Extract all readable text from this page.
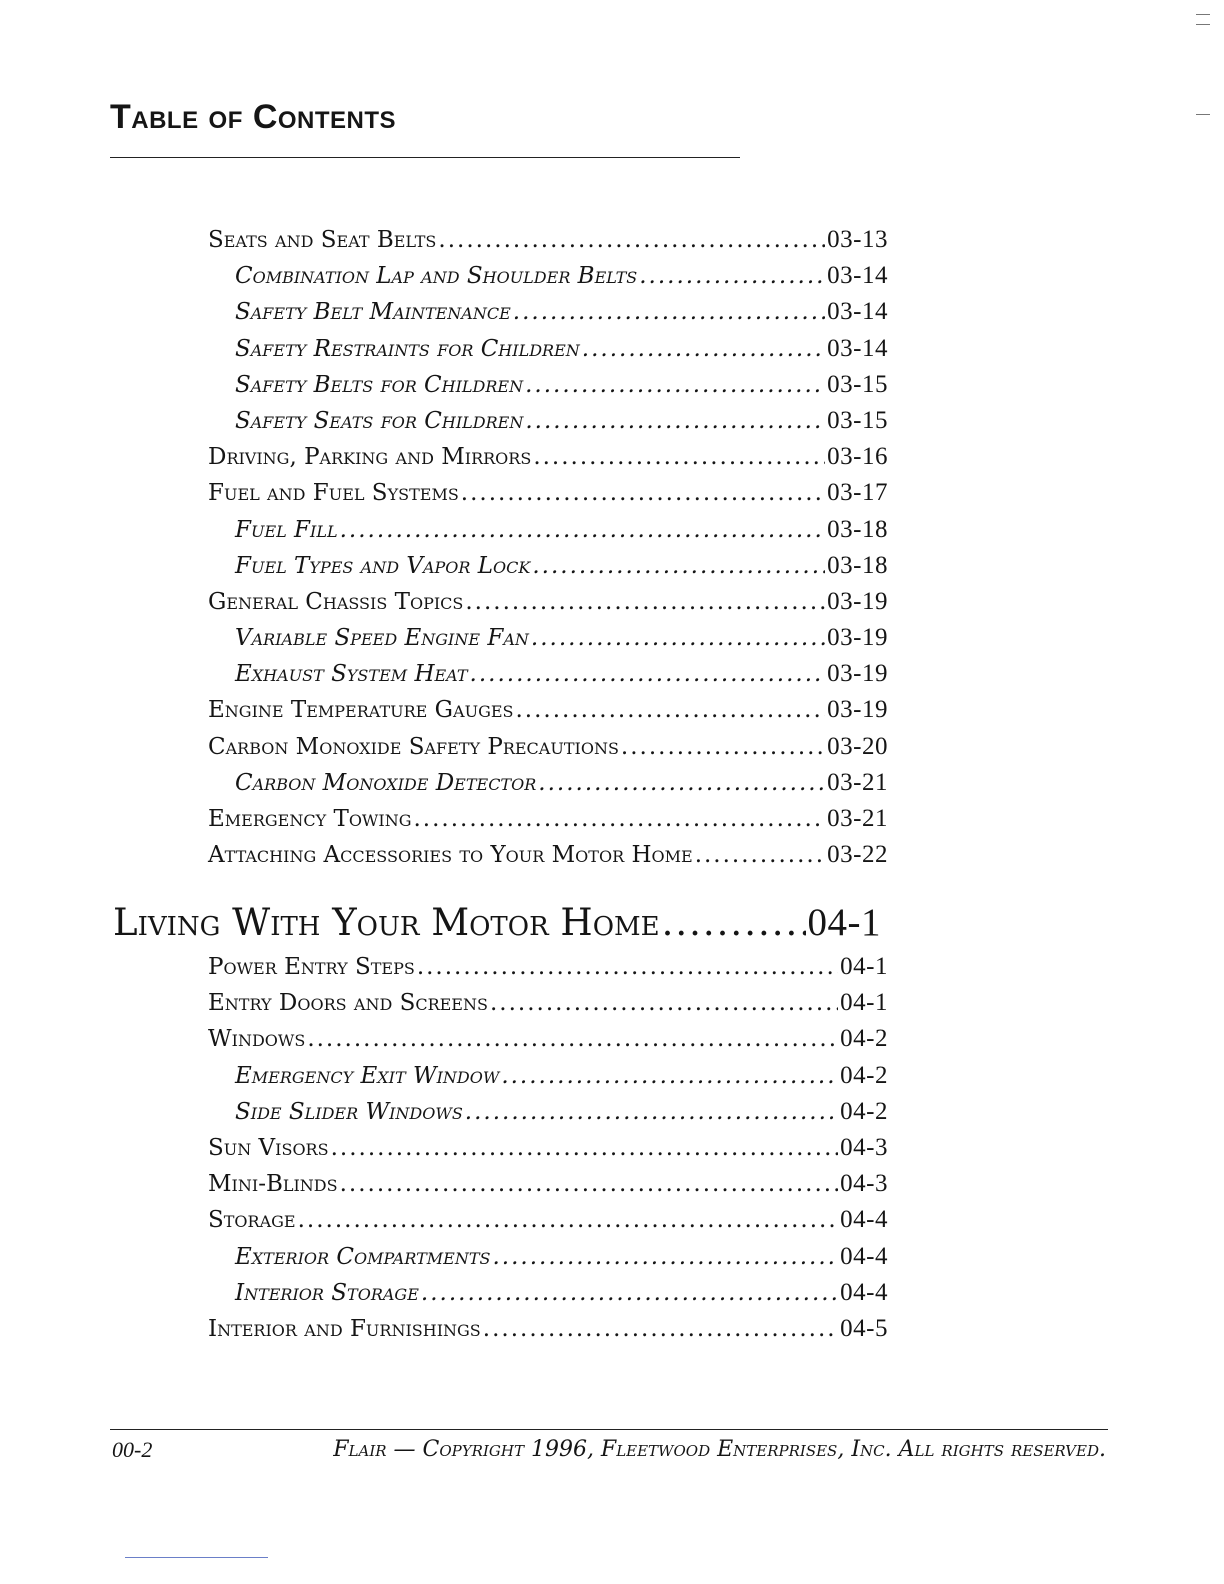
Table of Contents
Seats and Seat Belts .....	03-13
Combination Lap and Shoulder Belts .....	03-14
Safety Belt Maintenance .....	03-14
Safety Restraints for Children .....	03-14
Safety Belts for Children .....	03-15
Safety Seats for Children .....	03-15
Driving, Parking and Mirrors .....	03-16
Fuel and Fuel Systems .....	03-17
Fuel Fill .....	03-18
Fuel Types and Vapor Lock .....	03-18
General Chassis Topics .....	03-19
Variable Speed Engine Fan .....	03-19
Exhaust System Heat .....	03-19
Engine Temperature Gauges .....	03-19
Carbon Monoxide Safety Precautions .....	03-20
Carbon Monoxide Detector .....	03-21
Emergency Towing .....	03-21
Attaching Accessories to Your Motor Home .....	03-22
Living With Your Motor Home .....	04-1
Power Entry Steps .....	04-1
Entry Doors and Screens .....	04-1
Windows .....	04-2
Emergency Exit Window .....	04-2
Side Slider Windows .....	04-2
Sun Visors .....	04-3
Mini-Blinds .....	04-3
Storage .....	04-4
Exterior Compartments .....	04-4
Interior Storage .....	04-4
Interior and Furnishings .....	04-5
00-2	Flair — Copyright 1996, Fleetwood Enterprises, Inc. All rights reserved.
